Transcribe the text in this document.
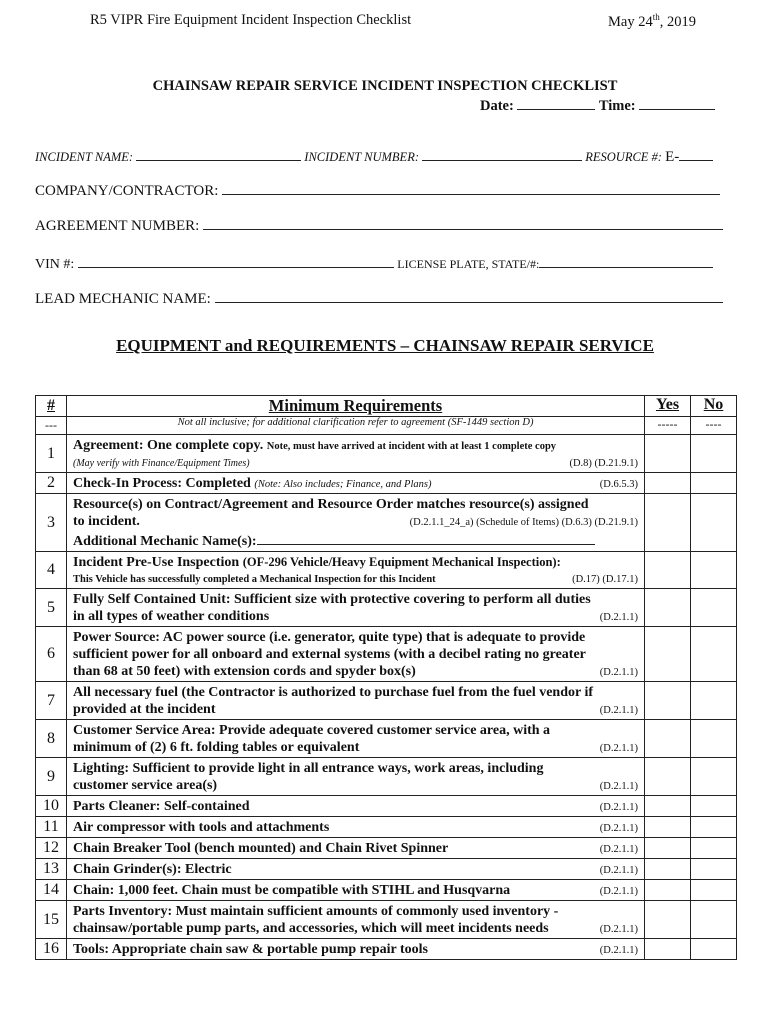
R5 VIPR Fire Equipment Incident Inspection Checklist	May 24th, 2019
CHAINSAW REPAIR SERVICE INCIDENT INSPECTION CHECKLIST
Date:	Time:
INCIDENT NAME:	INCIDENT NUMBER:	RESOURCE #: E-
COMPANY/CONTRACTOR:
AGREEMENT NUMBER:
VIN #:	LICENSE PLATE, STATE/#:
LEAD MECHANIC NAME:
EQUIPMENT and REQUIREMENTS – CHAINSAW REPAIR SERVICE
#	Minimum Requirements	Yes	No
---	Not all inclusive; for additional clarification refer to agreement (SF-1449 section D)	-----	----
1	Agreement: One complete copy. Note, must have arrived at incident with at least 1 complete copy
(May verify with Finance/Equipment Times) (D.8) (D.21.9.1)		

2	Check-In Process: Completed (Note: Also includes; Finance, and Plans) (D.6.5.3)		

3	Resource(s) on Contract/Agreement and Resource Order matches resource(s) assigned
to incident. (D.2.1.1_24_a) (Schedule of Items) (D.6.3) (D.21.9.1)
Additional Mechanic Name(s):		

4	Incident Pre-Use Inspection (OF-296 Vehicle/Heavy Equipment Mechanical Inspection):
This Vehicle has successfully completed a Mechanical Inspection for this Incident (D.17) (D.17.1)		

5	Fully Self Contained Unit: Sufficient size with protective covering to perform all duties
in all types of weather conditions (D.2.1.1)		

6	Power Source: AC power source (i.e. generator, quite type) that is adequate to provide
sufficient power for all onboard and external systems (with a decibel rating no greater
than 68 at 50 feet) with extension cords and spyder box(s) (D.2.1.1)		

7	All necessary fuel (the Contractor is authorized to purchase fuel from the fuel vendor if
provided at the incident (D.2.1.1)		

8	Customer Service Area: Provide adequate covered customer service area, with a
minimum of (2) 6 ft. folding tables or equivalent (D.2.1.1)		

9	Lighting: Sufficient to provide light in all entrance ways, work areas, including
customer service area(s) (D.2.1.1)		

10	Parts Cleaner: Self-contained (D.2.1.1)		

11	Air compressor with tools and attachments (D.2.1.1)		

12	Chain Breaker Tool (bench mounted) and Chain Rivet Spinner (D.2.1.1)		

13	Chain Grinder(s): Electric (D.2.1.1)		

14	Chain: 1,000 feet. Chain must be compatible with STIHL and Husqvarna (D.2.1.1)		

15	Parts Inventory: Must maintain sufficient amounts of commonly used inventory -
chainsaw/portable pump parts, and accessories, which will meet incidents needs (D.2.1.1)		

16	Tools: Appropriate chain saw & portable pump repair tools (D.2.1.1)		
